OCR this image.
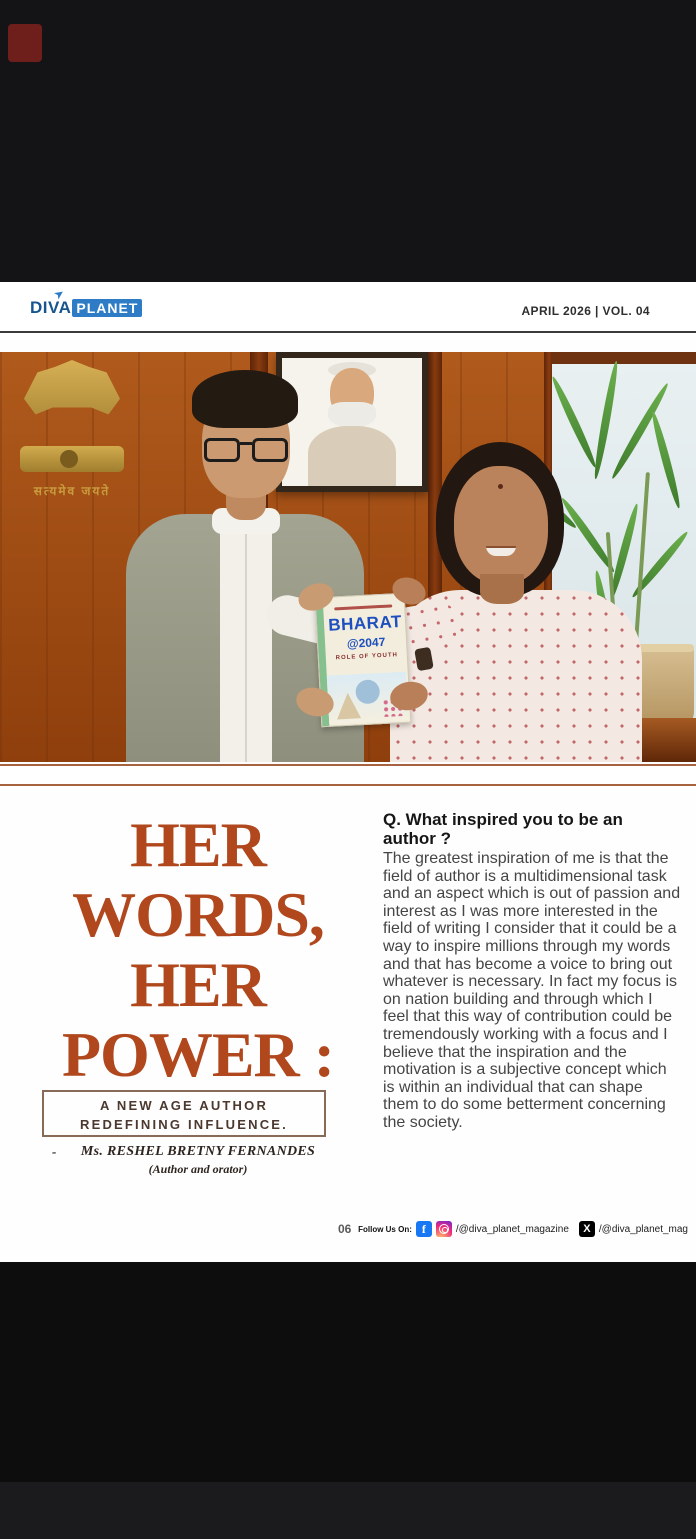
➤
DIVA PLANET	APRIL 2026 | VOL. 04
सत्यमेव जयते
BHARAT
@2047
ROLE OF YOUTH
HER
WORDS,
HER
POWER :
A NEW AGE AUTHOR
REDEFINING INFLUENCE.
-	Ms. RESHEL BRETNY FERNANDES
(Author and orator)
Q. What inspired you to be an author ?

The greatest inspiration of me is that the field of author is a multidimensional task and an aspect which is out of passion and interest as I was more interested in the field of writing I consider that it could be a way to inspire millions through my words and that has become a voice to bring out whatever is necessary. In fact my focus is on nation building and through which I feel that this way of contribution could be tremendously working with a focus and I believe that the inspiration and the motivation is a subjective concept which is within an individual that can shape them to do some betterment concerning the society.

06 Follow Us On: f	/@diva_planet_magazine	X /@diva_planet_mag
